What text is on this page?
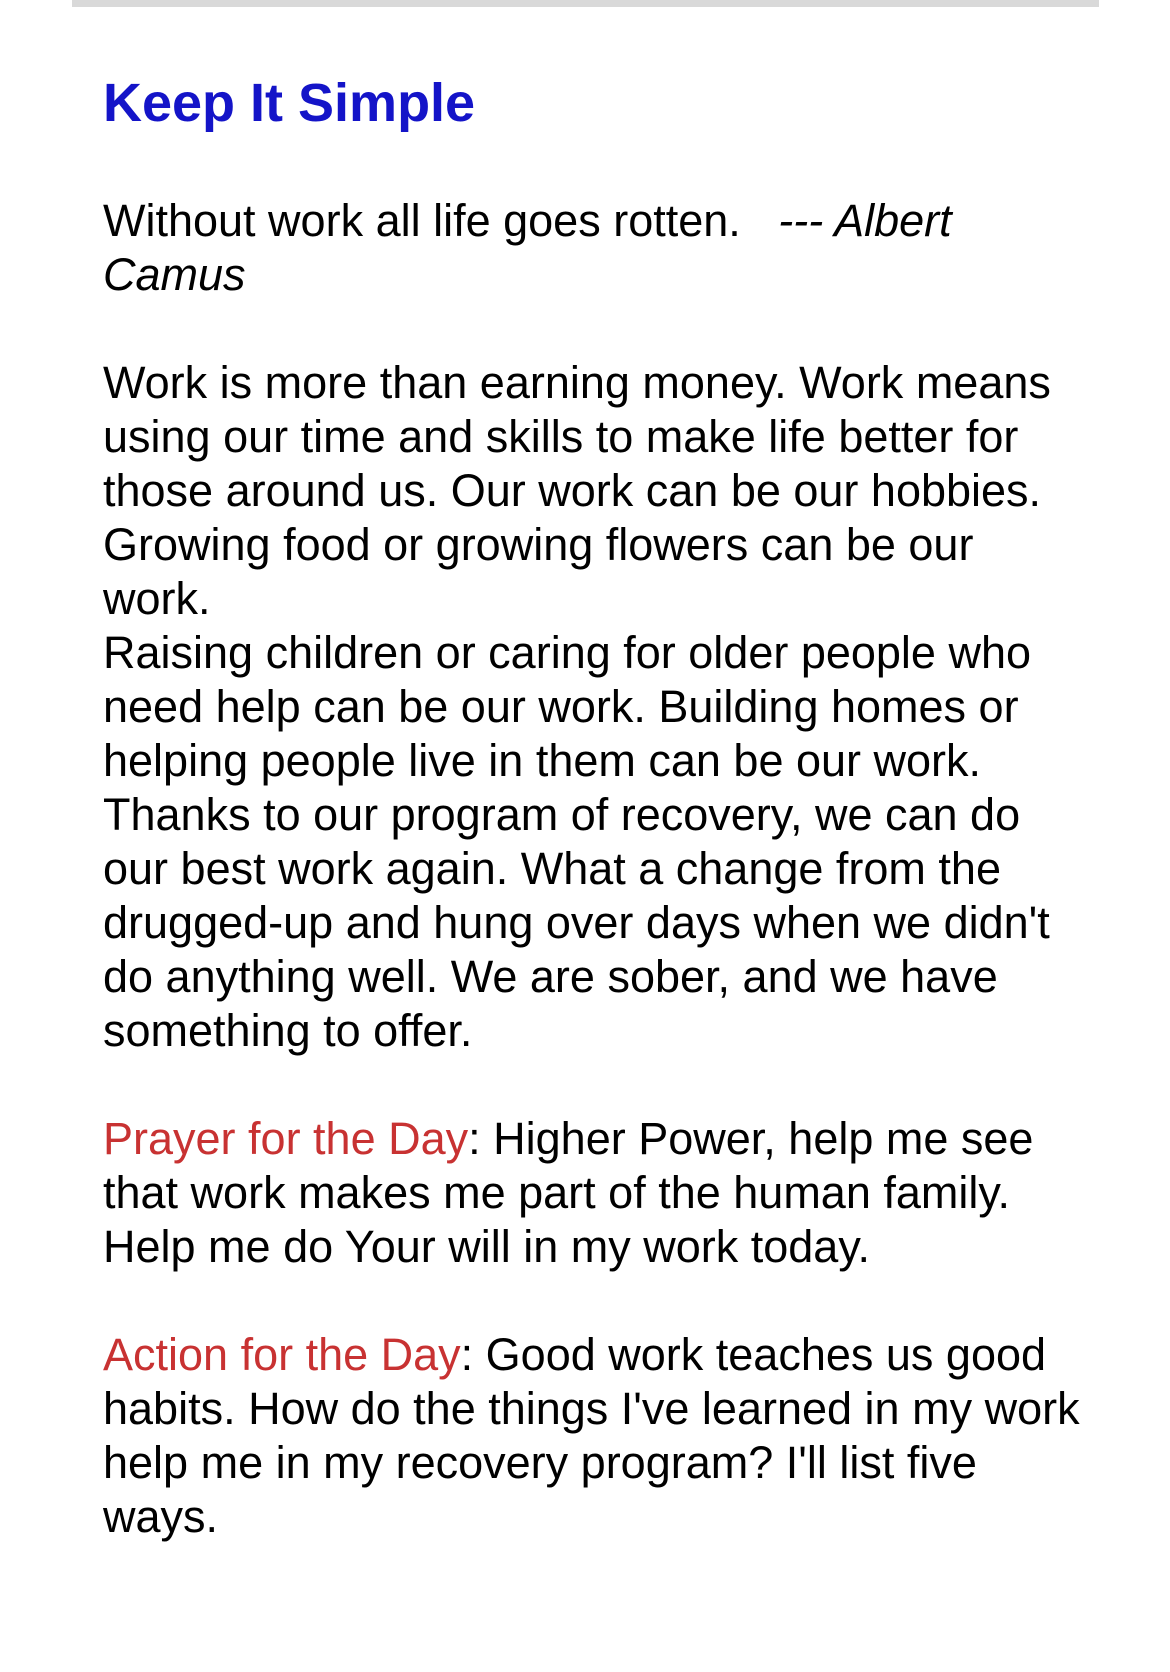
Keep It Simple

Without work all life goes rotten. --- Albert Camus

Work is more than earning money. Work means using our time and skills to make life better for those around us. Our work can be our hobbies. Growing food or growing flowers can be our work.
Raising children or caring for older people who need help can be our work. Building homes or helping people live in them can be our work. Thanks to our program of recovery, we can do our best work again. What a change from the drugged-up and hung over days when we didn't do anything well. We are sober, and we have something to offer.

Prayer for the Day: Higher Power, help me see that work makes me part of the human family. Help me do Your will in my work today.

Action for the Day: Good work teaches us good habits. How do the things I've learned in my work help me in my recovery program? I'll list five ways.
